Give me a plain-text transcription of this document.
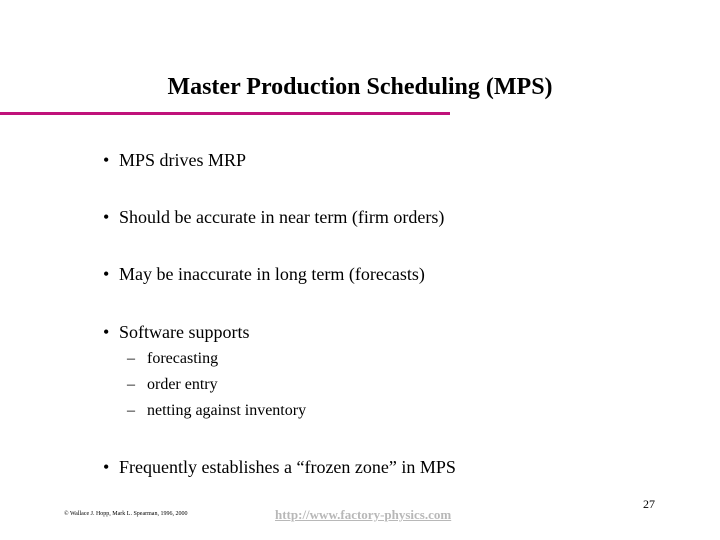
Master Production Scheduling (MPS)
• MPS drives MRP
• Should be accurate in near term (firm orders)
• May be inaccurate in long term (forecasts)
• Software supports
– forecasting
– order entry
– netting against inventory
• Frequently establishes a “frozen zone” in MPS
© Wallace J. Hopp, Mark L. Spearman, 1996, 2000	http://www.factory-physics.com
27
